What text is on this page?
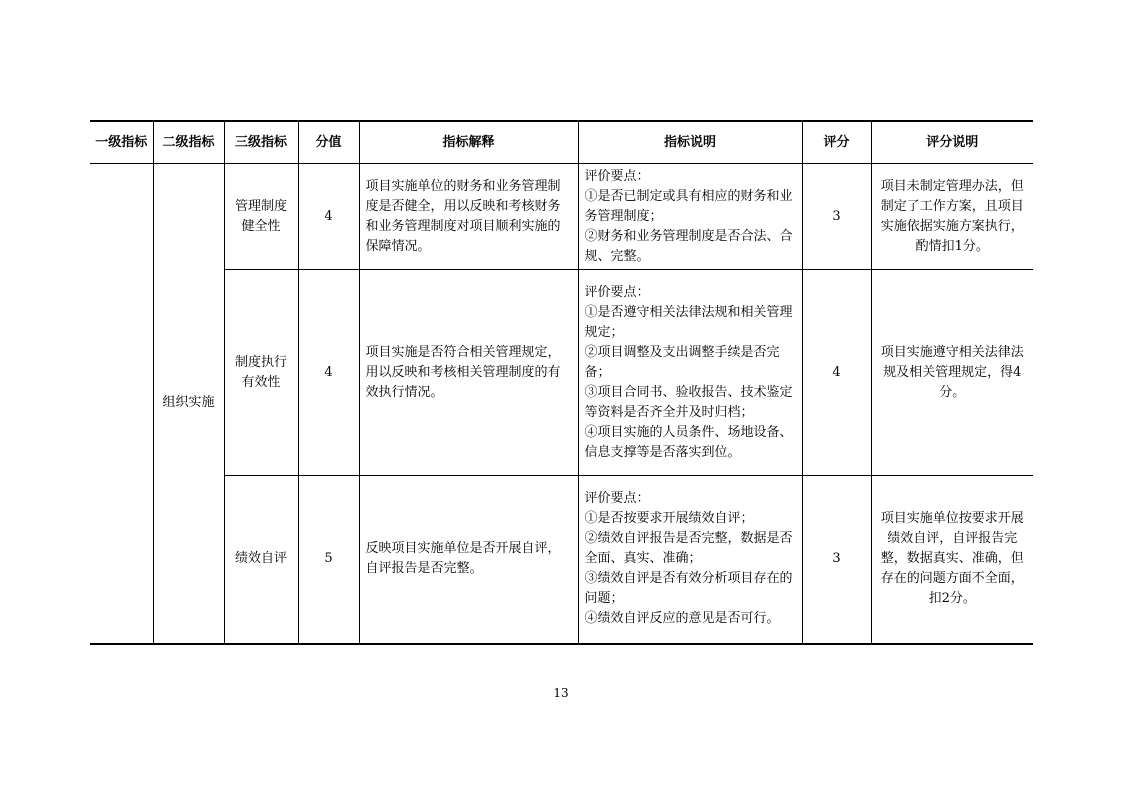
一级指标	二级指标	三级指标	分值	指标解释	指标说明	评分	评分说明
	组织实施	管理制度健全性	4	项目实施单位的财务和业务管理制度是否健全，用以反映和考核财务和业务管理制度对项目顺利实施的保障情况。	评价要点：
①是否已制定或具有相应的财务和业务管理制度；
②财务和业务管理制度是否合法、合规、完整。	3	项目未制定管理办法，但制定了工作方案，且项目实施依据实施方案执行，酌情扣1分。
		制度执行有效性	4	项目实施是否符合相关管理规定，用以反映和考核相关管理制度的有效执行情况。	评价要点：
①是否遵守相关法律法规和相关管理规定；
②项目调整及支出调整手续是否完备；
③项目合同书、验收报告、技术鉴定等资料是否齐全并及时归档；
④项目实施的人员条件、场地设备、信息支撑等是否落实到位。	4	项目实施遵守相关法律法规及相关管理规定，得4分。
		绩效自评	5	反映项目实施单位是否开展自评，自评报告是否完整。	评价要点：
①是否按要求开展绩效自评；
②绩效自评报告是否完整，数据是否全面、真实、准确；
③绩效自评是否有效分析项目存在的问题；
④绩效自评反应的意见是否可行。	3	项目实施单位按要求开展绩效自评，自评报告完整，数据真实、准确，但存在的问题方面不全面，扣2分。
13
